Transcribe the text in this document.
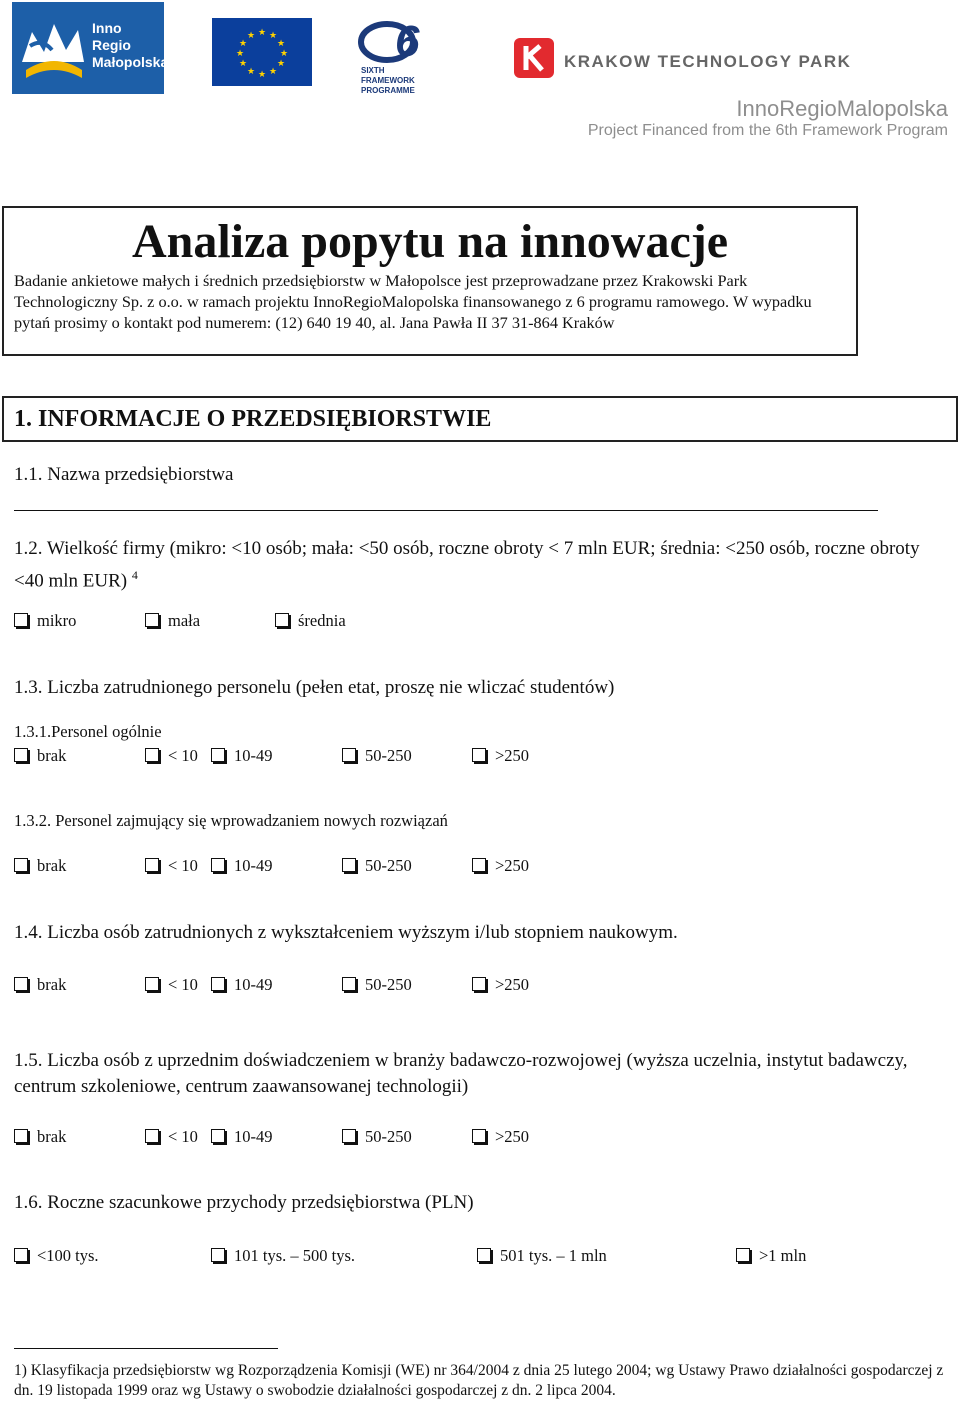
Inno
Regio
Małopolska
★ ★
★
★
★
★
★
★
★
★
★
★	6
SIXTH FRAMEWORK
PROGRAMME
KRAKOW TECHNOLOGY PARK
InnoRegioMalopolska
Project Financed from the 6th Framework Program
Analiza popytu na innowacje
Badanie ankietowe małych i średnich przedsiębiorstw w Małopolsce jest przeprowadzane przez Krakowski Park Technologiczny Sp. z o.o. w ramach projektu InnoRegioMalopolska finansowanego z 6 programu ramowego. W wypadku pytań prosimy o kontakt pod numerem: (12) 640 19 40, al. Jana Pawła II 37 31-864 Kraków
1. INFORMACJE O PRZEDSIĘBIORSTWIE
1.1. Nazwa przedsiębiorstwa
1.2. Wielkość firmy (mikro: <10 osób; mała: <50 osób, roczne obroty < 7 mln EUR; średnia: <250 osób, roczne obroty <40 mln EUR) $^4$
mikro	mała	średnia
1.3. Liczba zatrudnionego personelu (pełen etat, proszę nie wliczać studentów)
1.3.1.Personel ogólnie
brak	< 10	10-49	50-250	>250
1.3.2. Personel zajmujący się wprowadzaniem nowych rozwiązań
brak	< 10	10-49	50-250	>250
1.4. Liczba osób zatrudnionych z wykształceniem wyższym i/lub stopniem naukowym.
brak	< 10	10-49	50-250	>250
1.5. Liczba osób z uprzednim doświadczeniem w branży badawczo-rozwojowej (wyższa uczelnia, instytut badawczy, centrum szkoleniowe, centrum zaawansowanej technologii)
brak	< 10	10-49	50-250	>250
1.6. Roczne szacunkowe przychody przedsiębiorstwa (PLN)
<100 tys.	101 tys. – 500 tys.	501 tys. – 1 mln	>1 mln
1) Klasyfikacja przedsiębiorstw wg Rozporządzenia Komisji (WE) nr 364/2004 z dnia 25 lutego 2004; wg Ustawy Prawo działalności gospodarczej z dn. 19 listopada 1999 oraz wg Ustawy o swobodzie działalności gospodarczej z dn. 2 lipca 2004.
